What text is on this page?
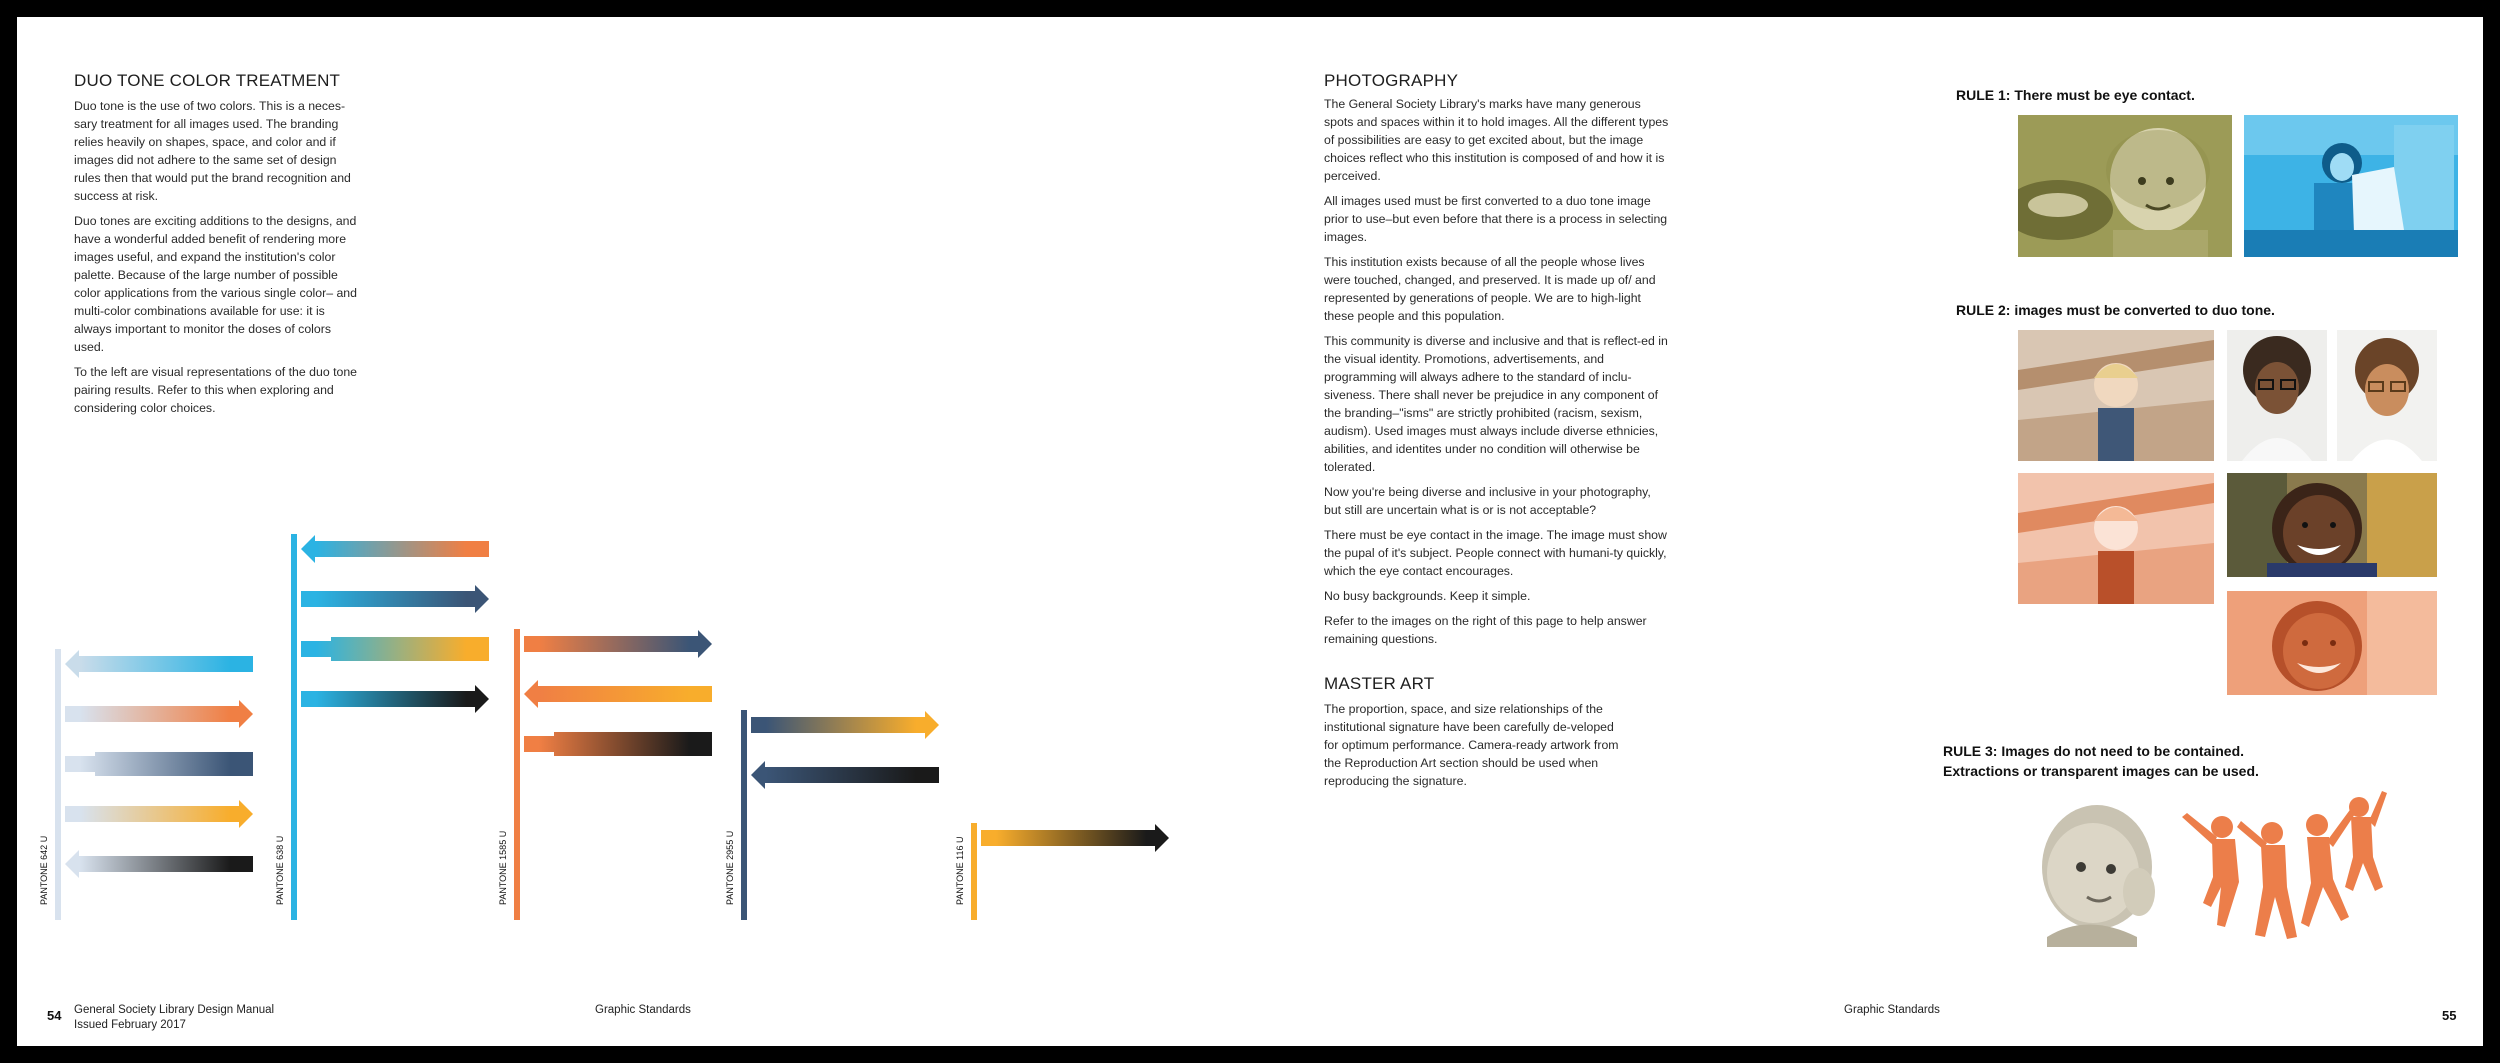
DUO TONE COLOR TREATMENT

Duo tone is the use of two colors. This is a neces-sary treatment for all images used. The branding relies heavily on shapes, space, and color and if images did not adhere to the same set of design rules then that would put the brand recognition and success at risk.

Duo tones are exciting additions to the designs, and have a wonderful added benefit of rendering more images useful, and expand the institution's color palette. Because of the large number of possible color applications from the various single color– and multi-color combinations available for use: it is always important to monitor the doses of colors used.

To the left are visual representations of the duo tone pairing results. Refer to this when exploring and considering color choices.

PANTONE 642 U	PANTONE 638 U	PANTONE 1585 U	PANTONE 2955 U	PANTONE 116 U
54 General Society Library Design Manual
Issued February 2017
Graphic Standards
PHOTOGRAPHY

The General Society Library's marks have many generous spots and spaces within it to hold images. All the different types of possibilities are easy to get excited about, but the image choices reflect who this institution is composed of and how it is perceived.

All images used must be first converted to a duo tone image prior to use–but even before that there is a process in selecting images.

This institution exists because of all the people whose lives were touched, changed, and preserved. It is made up of/ and represented by generations of people. We are to high-light these people and this population.

This community is diverse and inclusive and that is reflect-ed in the visual identity. Promotions, advertisements, and programming will always adhere to the standard of inclu-siveness. There shall never be prejudice in any component of the branding–"isms" are strictly prohibited (racism, sexism, audism). Used images must always include diverse ethnicies, abilities, and identites under no condition will otherwise be tolerated.

Now you're being diverse and inclusive in your photography, but still are uncertain what is or is not acceptable?

There must be eye contact in the image. The image must show the pupal of it's subject. People connect with humani-ty quickly, which the eye contact encourages.

No busy backgrounds. Keep it simple.

Refer to the images on the right of this page to help answer remaining questions.

MASTER ART

The proportion, space, and size relationships of the institutional signature have been carefully de-veloped for optimum performance. Camera-ready artwork from the Reproduction Art section should be used when reproducing the signature.

RULE 1: There must be eye contact.
RULE 2: images must be converted to duo tone.
RULE 3: Images do not need to be contained.
Extractions or transparent images can be used.
Graphic Standards	55
